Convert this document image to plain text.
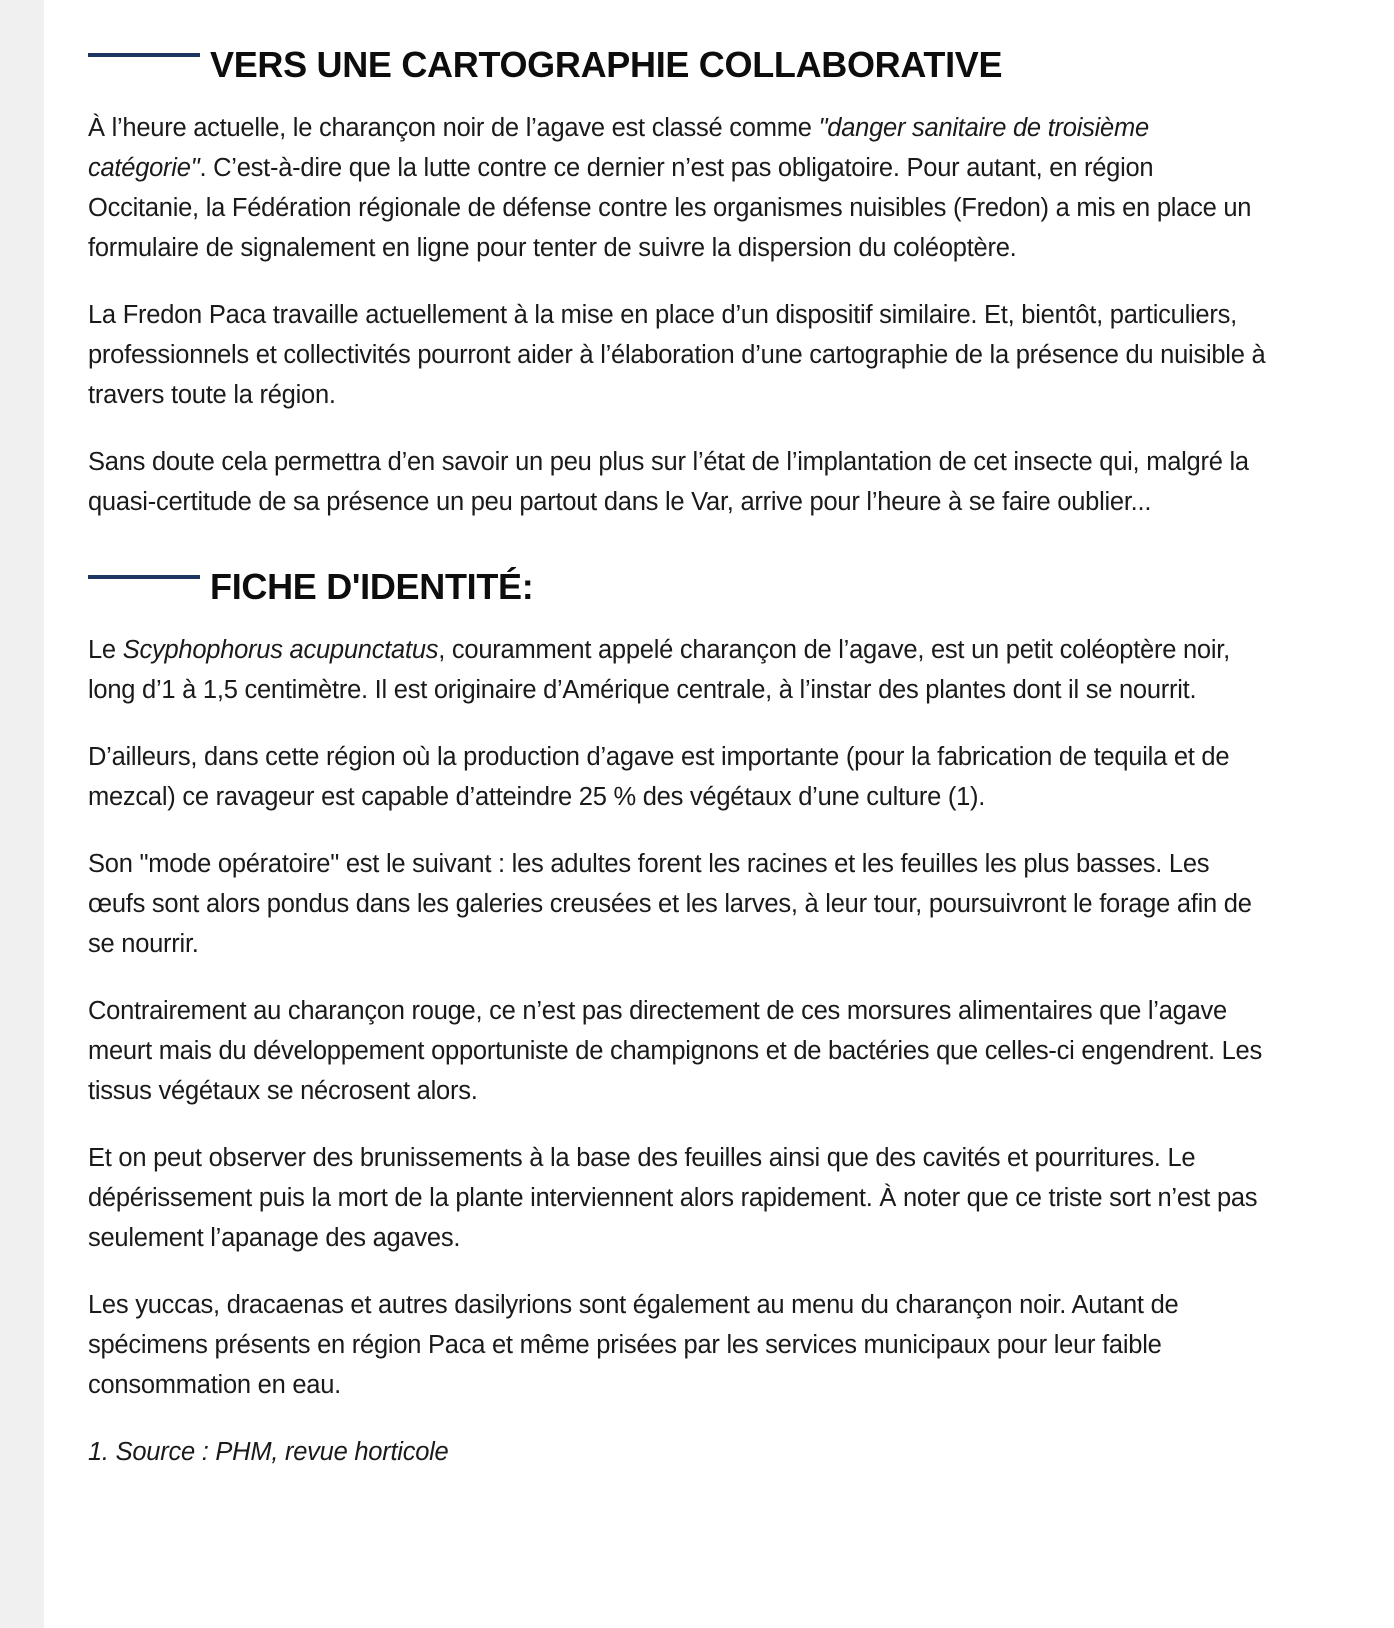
VERS UNE CARTOGRAPHIE COLLABORATIVE

À l’heure actuelle, le charançon noir de l’agave est classé comme "danger sanitaire de troisième catégorie". C’est-à-dire que la lutte contre ce dernier n’est pas obligatoire. Pour autant, en région Occitanie, la Fédération régionale de défense contre les organismes nuisibles (Fredon) a mis en place un formulaire de signalement en ligne pour tenter de suivre la dispersion du coléoptère.

La Fredon Paca travaille actuellement à la mise en place d’un dispositif similaire. Et, bientôt, particuliers, professionnels et collectivités pourront aider à l’élaboration d’une cartographie de la présence du nuisible à travers toute la région.

Sans doute cela permettra d’en savoir un peu plus sur l’état de l’implantation de cet insecte qui, malgré la quasi-certitude de sa présence un peu partout dans le Var, arrive pour l’heure à se faire oublier...

FICHE D'IDENTITÉ:

Le Scyphophorus acupunctatus, couramment appelé charançon de l’agave, est un petit coléoptère noir, long d’1 à 1,5 centimètre. Il est originaire d’Amérique centrale, à l’instar des plantes dont il se nourrit.

D’ailleurs, dans cette région où la production d’agave est importante (pour la fabrication de tequila et de mezcal) ce ravageur est capable d’atteindre 25 % des végétaux d’une culture (1).

Son "mode opératoire" est le suivant : les adultes forent les racines et les feuilles les plus basses. Les œufs sont alors pondus dans les galeries creusées et les larves, à leur tour, poursuivront le forage afin de se nourrir.

Contrairement au charançon rouge, ce n’est pas directement de ces morsures alimentaires que l’agave meurt mais du développement opportuniste de champignons et de bactéries que celles-ci engendrent. Les tissus végétaux se nécrosent alors.

Et on peut observer des brunissements à la base des feuilles ainsi que des cavités et pourritures. Le dépérissement puis la mort de la plante interviennent alors rapidement. À noter que ce triste sort n’est pas seulement l’apanage des agaves.

Les yuccas, dracaenas et autres dasilyrions sont également au menu du charançon noir. Autant de spécimens présents en région Paca et même prisées par les services municipaux pour leur faible consommation en eau.

1. Source : PHM, revue horticole
